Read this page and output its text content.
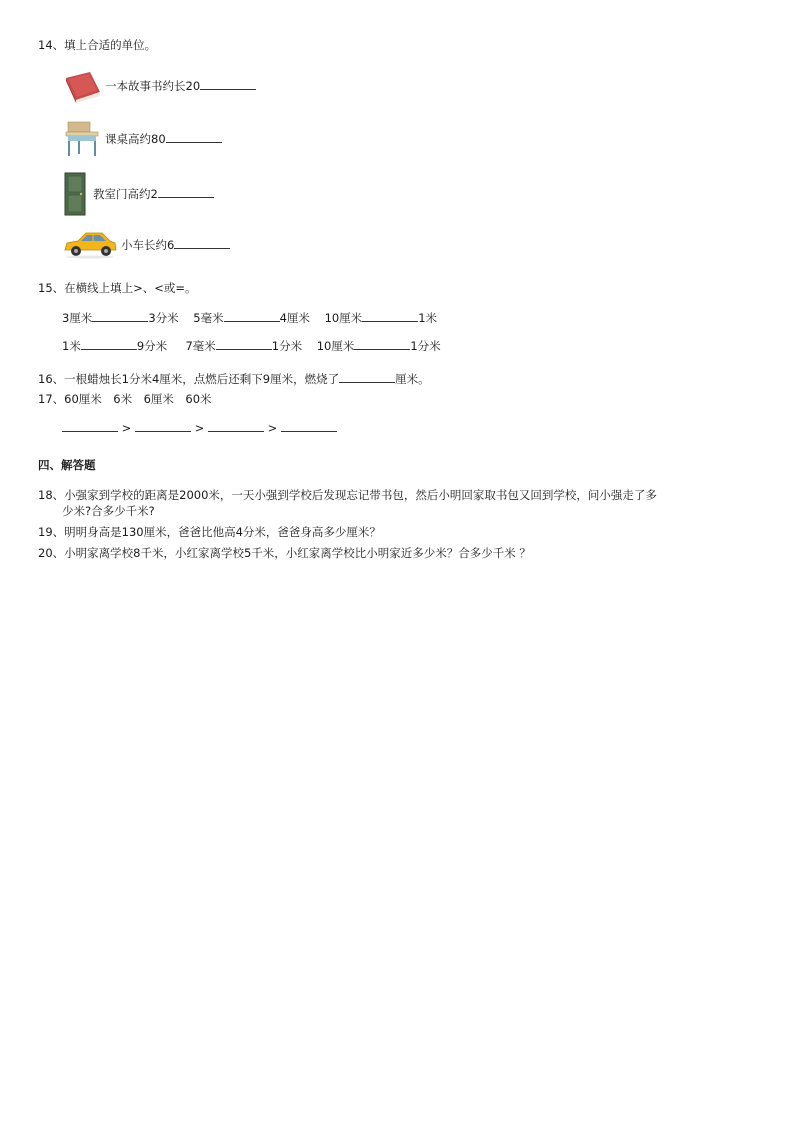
14、填上合适的单位。
一本故事书约长20
课桌高约80
教室门高约2
小车长约6
15、在横线上填上>、<或=。
3厘米	3分米 5毫米	4厘米 10厘米	1米
1米	9分米 7毫米	1分米 10厘米	1分米
16、一根蜡烛长1分米4厘米，点燃后还剩下9厘米，燃烧了	厘米。
17、60厘米　6米　6厘米　60米
>	>	>
四、解答题
18、小强家到学校的距离是2000米，一天小强到学校后发现忘记带书包，然后小明回家取书包又回到学校，问小强走了多
少米?合多少千米?
19、明明身高是130厘米，爸爸比他高4分米，爸爸身高多少厘米？
20、小明家离学校8千米，小红家离学校5千米，小红家离学校比小明家近多少米？合多少千米 ？
